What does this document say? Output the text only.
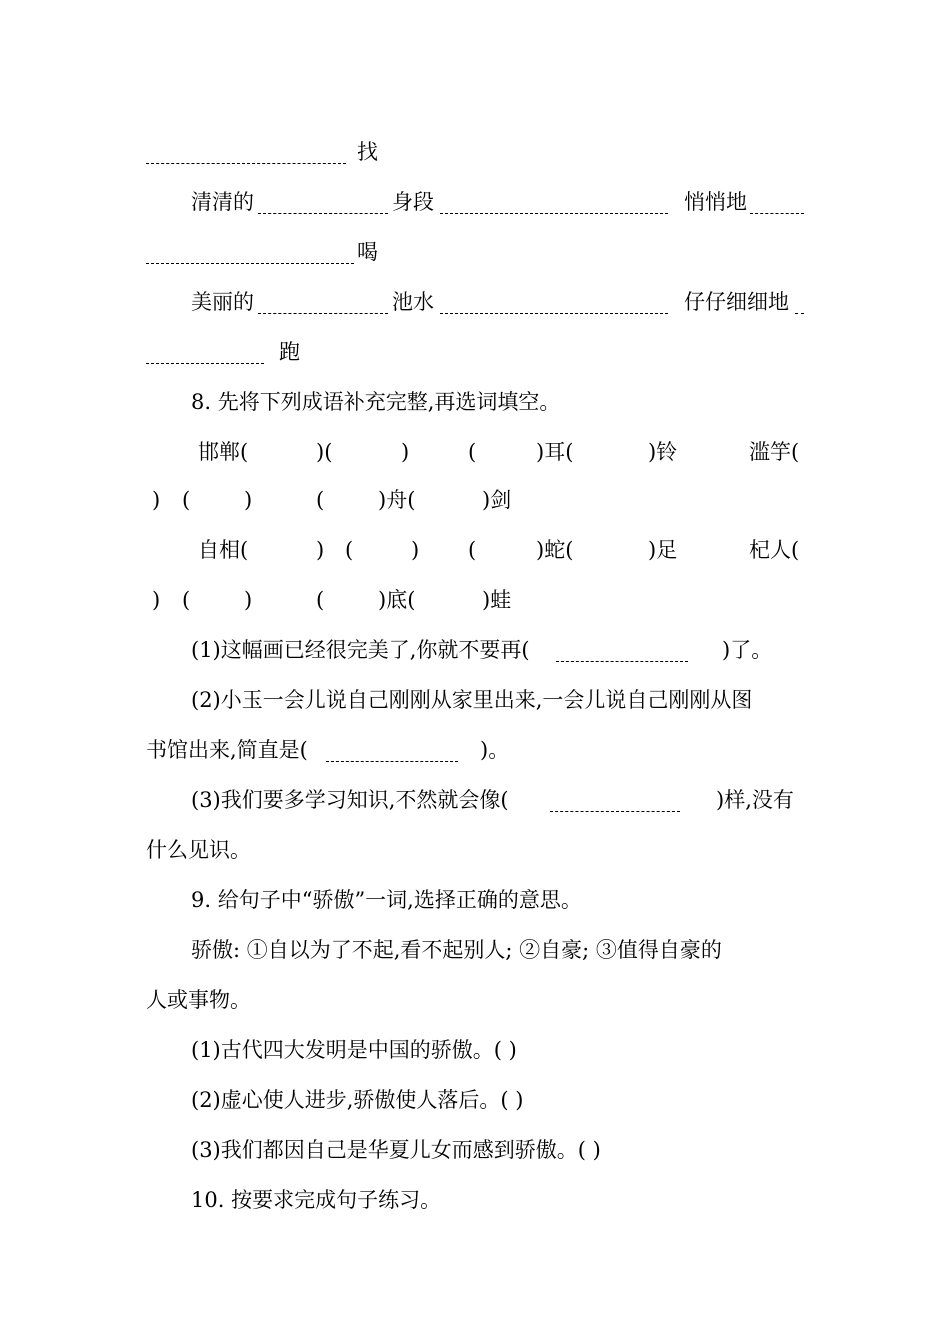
找
清清的	身段	悄悄地
喝
美丽的	池水	仔仔细细地
跑
8. 先将下列成语补充完整,再选词填空。
邯郸(	)(	)	(	)耳(	)铃	滥竽(
) (	)	(	)舟(	)剑
自相(	) (	) (	)蛇(	)足	杞人(
) (	)	(	)底(	)蛙
(1)这幅画已经很完美了,你就不要再(	)了。
(2)小玉一会儿说自己刚刚从家里出来,一会儿说自己刚刚从图
书馆出来,简直是(	)。
(3)我们要多学习知识,不然就会像(	)样,没有
什么见识。
9. 给句子中“骄傲”一词,选择正确的意思。
骄傲: ①自以为了不起,看不起别人; ②自豪; ③值得自豪的
人或事物。
(1)古代四大发明是中国的骄傲。( )
(2)虚心使人进步,骄傲使人落后。( )
(3)我们都因自己是华夏儿女而感到骄傲。( )
10. 按要求完成句子练习。
